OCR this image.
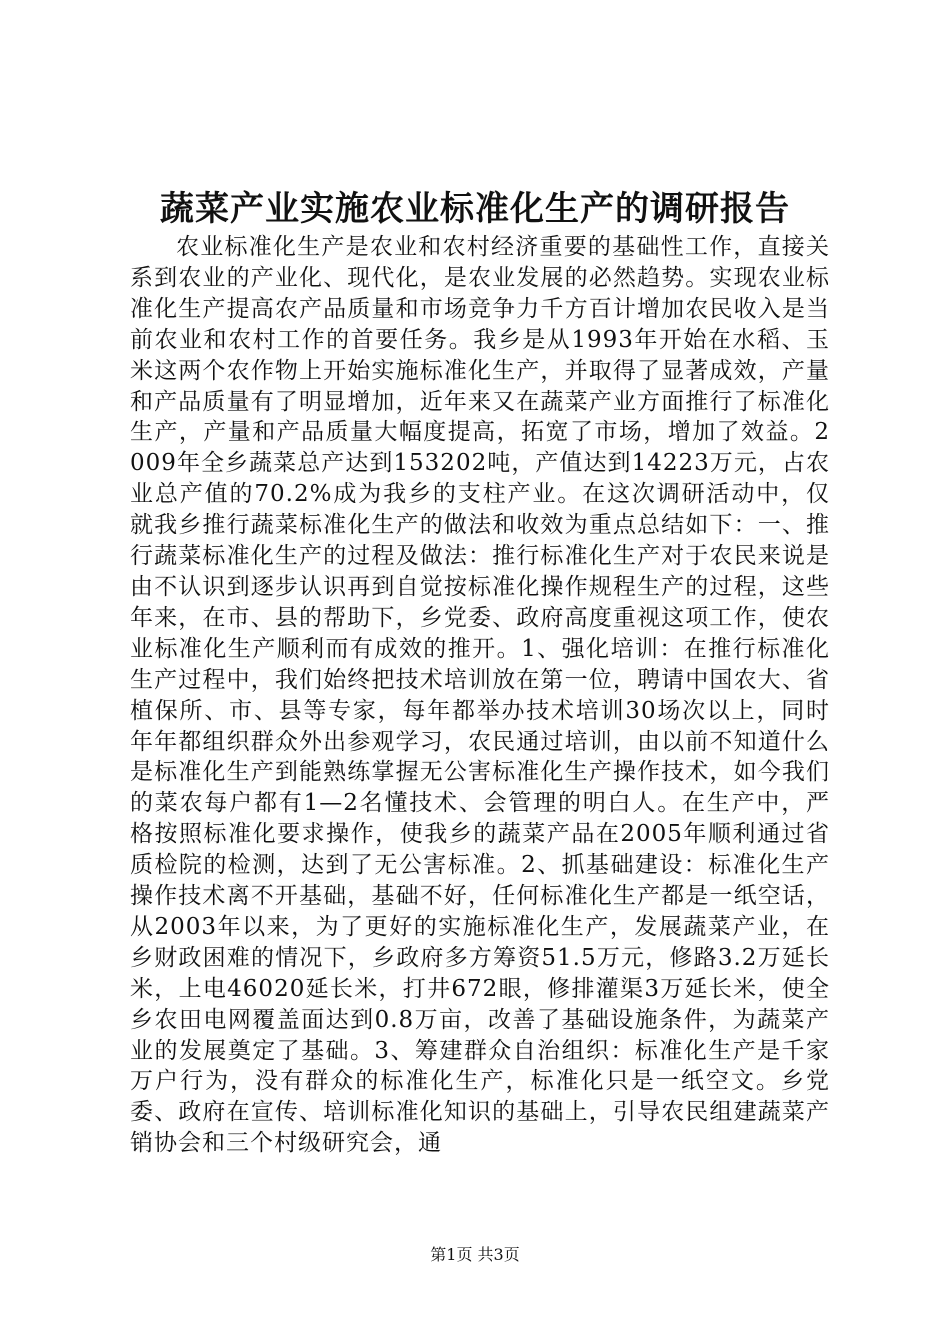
蔬菜产业实施农业标准化生产的调研报告

农业标准化生产是农业和农村经济重要的基础性工作，直接关系到农业的产业化、现代化，是农业发展的必然趋势。实现农业标准化生产提高农产品质量和市场竞争力千方百计增加农民收入是当前农业和农村工作的首要任务。我乡是从1993年开始在水稻、玉米这两个农作物上开始实施标准化生产，并取得了显著成效，产量和产品质量有了明显增加，近年来又在蔬菜产业方面推行了标准化生产，产量和产品质量大幅度提高，拓宽了市场，增加了效益。2009年全乡蔬菜总产达到153202吨，产值达到14223万元，占农业总产值的70.2%成为我乡的支柱产业。在这次调研活动中，仅就我乡推行蔬菜标准化生产的做法和收效为重点总结如下：一、推行蔬菜标准化生产的过程及做法：推行标准化生产对于农民来说是由不认识到逐步认识再到自觉按标准化操作规程生产的过程，这些年来，在市、县的帮助下，乡党委、政府高度重视这项工作，使农业标准化生产顺利而有成效的推开。1、强化培训：在推行标准化生产过程中，我们始终把技术培训放在第一位，聘请中国农大、省植保所、市、县等专家，每年都举办技术培训30场次以上，同时年年都组织群众外出参观学习，农民通过培训，由以前不知道什么是标准化生产到能熟练掌握无公害标准化生产操作技术，如今我们的菜农每户都有1—2名懂技术、会管理的明白人。在生产中，严格按照标准化要求操作，使我乡的蔬菜产品在2005年顺利通过省质检院的检测，达到了无公害标准。2、抓基础建设：标准化生产操作技术离不开基础，基础不好，任何标准化生产都是一纸空话，从2003年以来，为了更好的实施标准化生产，发展蔬菜产业，在乡财政困难的情况下，乡政府多方筹资51.5万元，修路3.2万延长米，上电46020延长米，打井672眼，修排灌渠3万延长米，使全乡农田电网覆盖面达到0.8万亩，改善了基础设施条件，为蔬菜产业的发展奠定了基础。3、筹建群众自治组织：标准化生产是千家万户行为，没有群众的标准化生产，标准化只是一纸空文。乡党委、政府在宣传、培训标准化知识的基础上，引导农民组建蔬菜产销协会和三个村级研究会，通

第1页 共3页
